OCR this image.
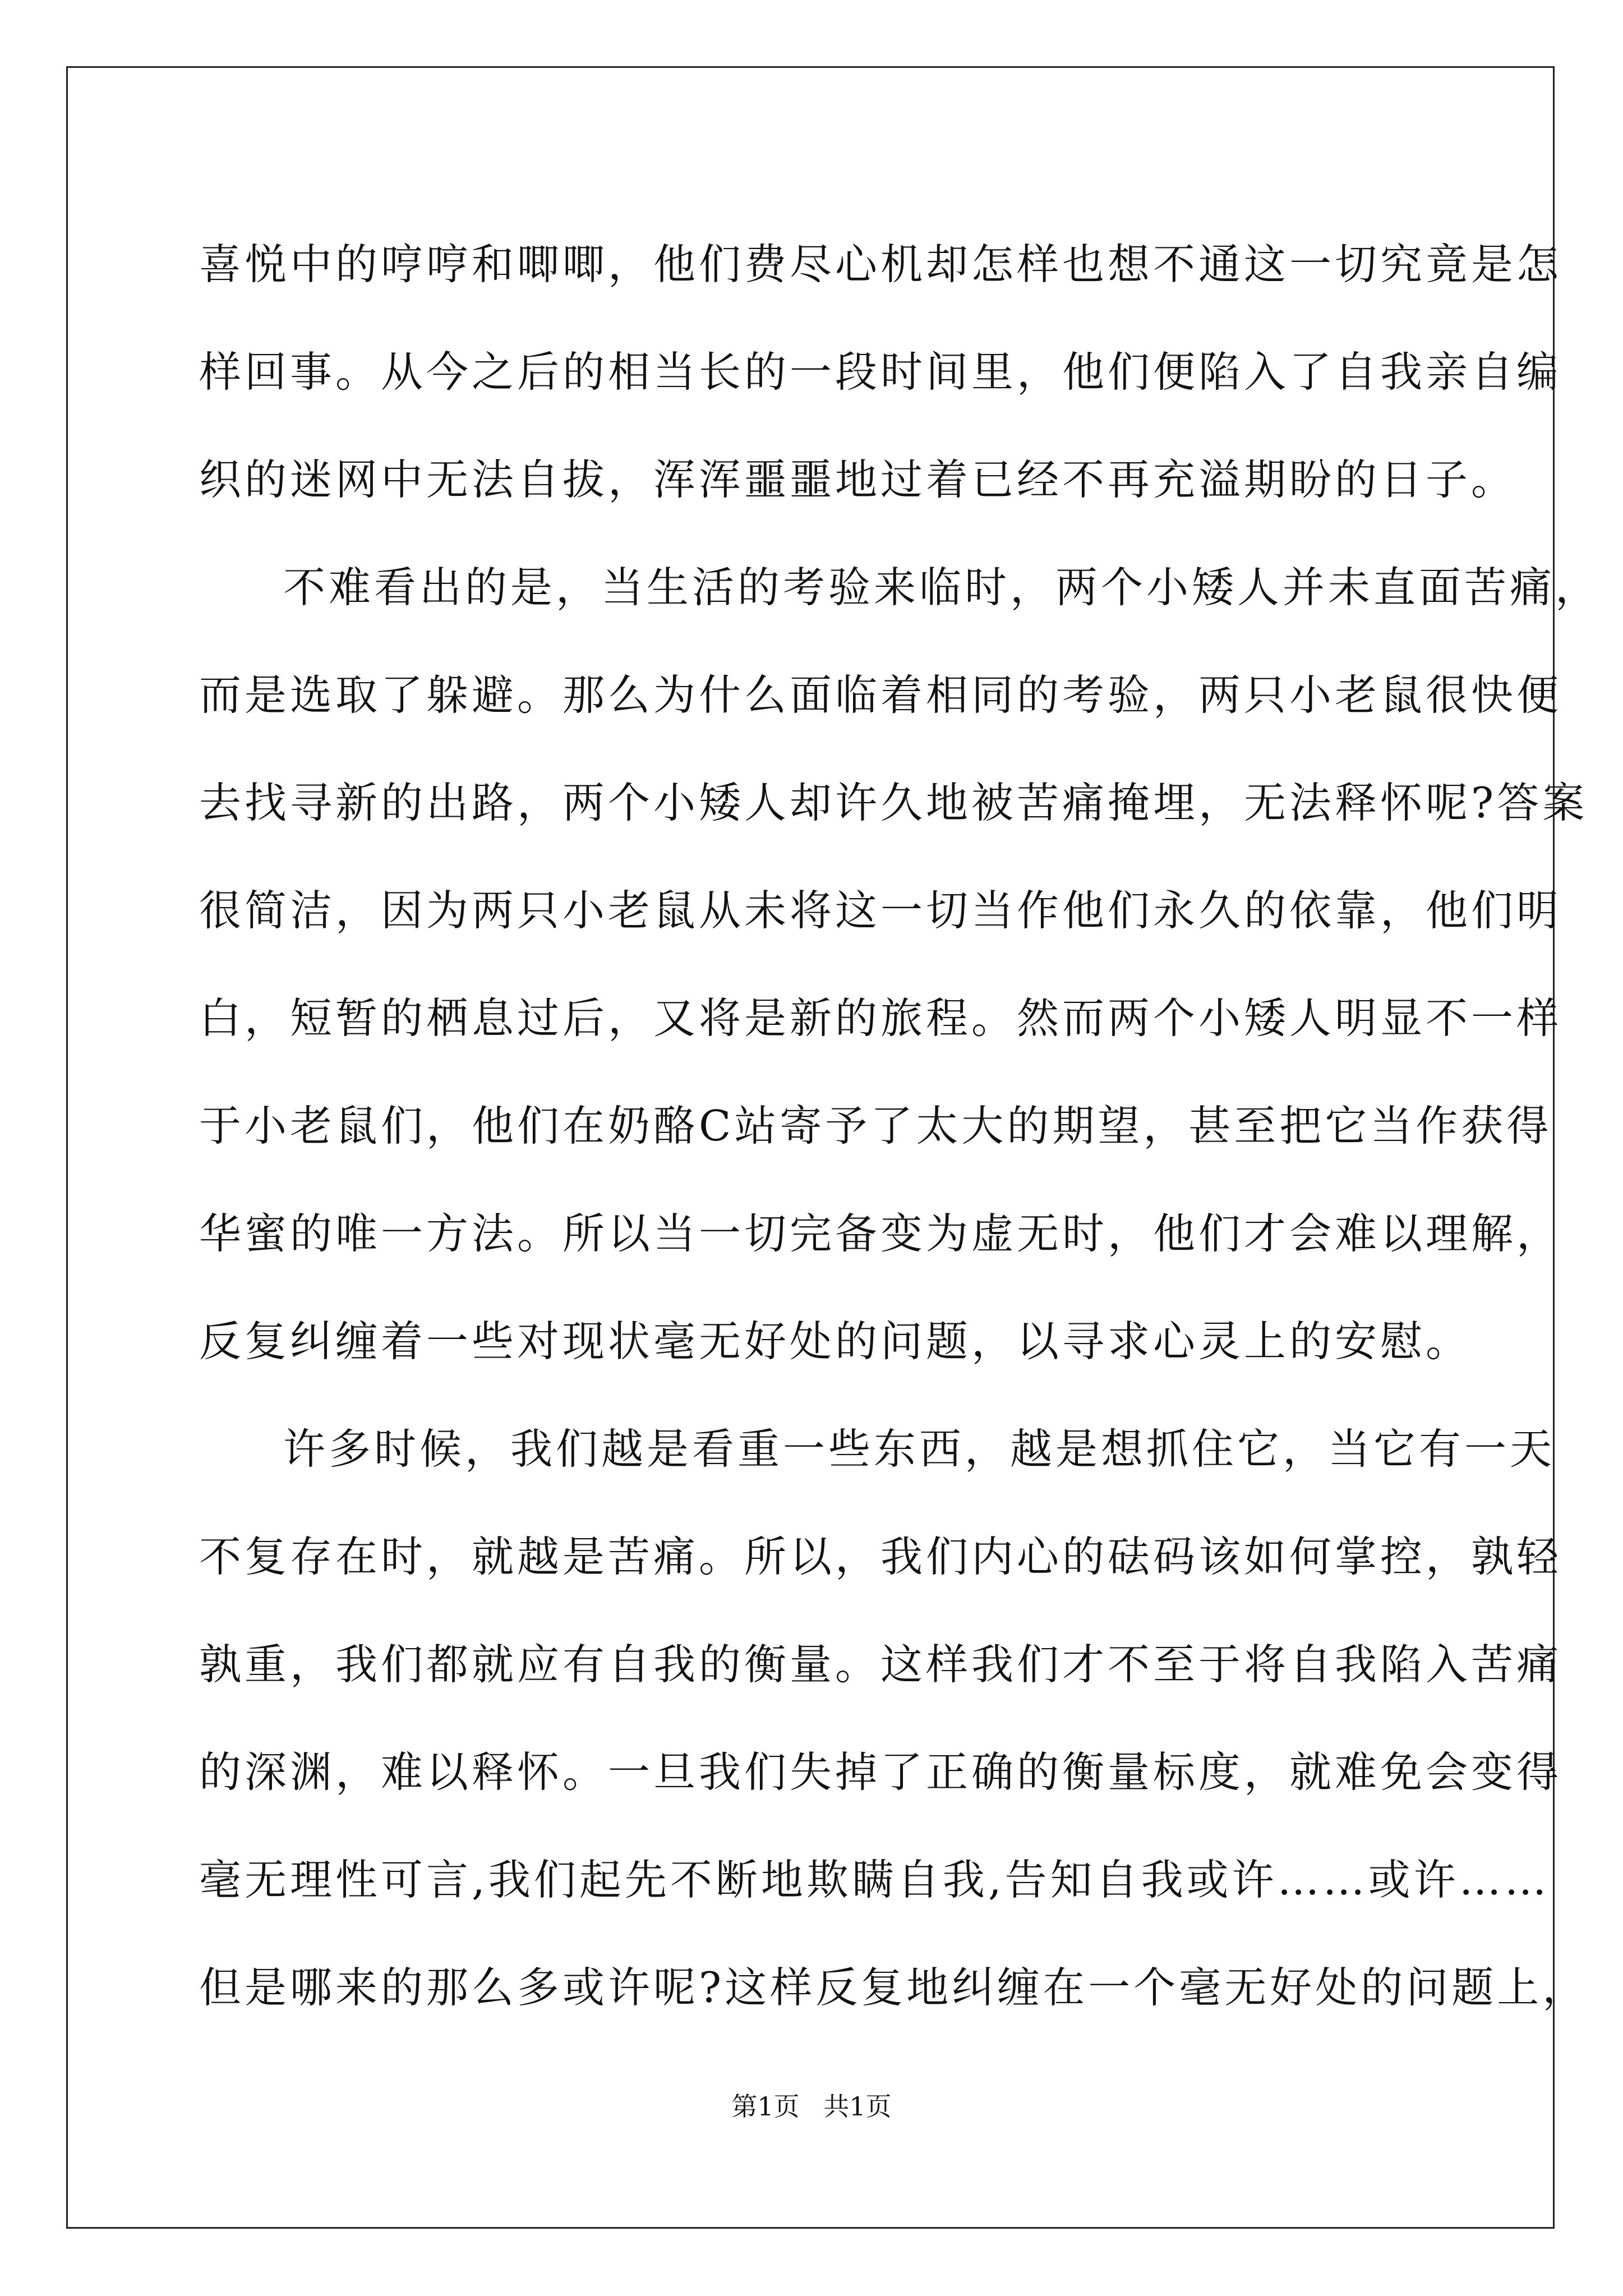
喜悦中的哼哼和唧唧，他们费尽心机却怎样也想不通这一切究竟是怎
样回事。从今之后的相当长的一段时间里，他们便陷入了自我亲自编
织的迷网中无法自拔，浑浑噩噩地过着已经不再充溢期盼的日子。
不难看出的是，当生活的考验来临时，两个小矮人并未直面苦痛，
而是选取了躲避。那么为什么面临着相同的考验，两只小老鼠很快便
去找寻新的出路，两个小矮人却许久地被苦痛掩埋，无法释怀呢?答案
很简洁，因为两只小老鼠从未将这一切当作他们永久的依靠，他们明
白，短暂的栖息过后，又将是新的旅程。然而两个小矮人明显不一样
于小老鼠们，他们在奶酪C站寄予了太大的期望，甚至把它当作获得
华蜜的唯一方法。所以当一切完备变为虚无时，他们才会难以理解，
反复纠缠着一些对现状毫无好处的问题，以寻求心灵上的安慰。
许多时候，我们越是看重一些东西，越是想抓住它，当它有一天
不复存在时，就越是苦痛。所以，我们内心的砝码该如何掌控，孰轻
孰重，我们都就应有自我的衡量。这样我们才不至于将自我陷入苦痛
的深渊，难以释怀。一旦我们失掉了正确的衡量标度，就难免会变得
毫无理性可言,我们起先不断地欺瞒自我,告知自我或许……或许……
但是哪来的那么多或许呢?这样反复地纠缠在一个毫无好处的问题上，
第1页 共1页
